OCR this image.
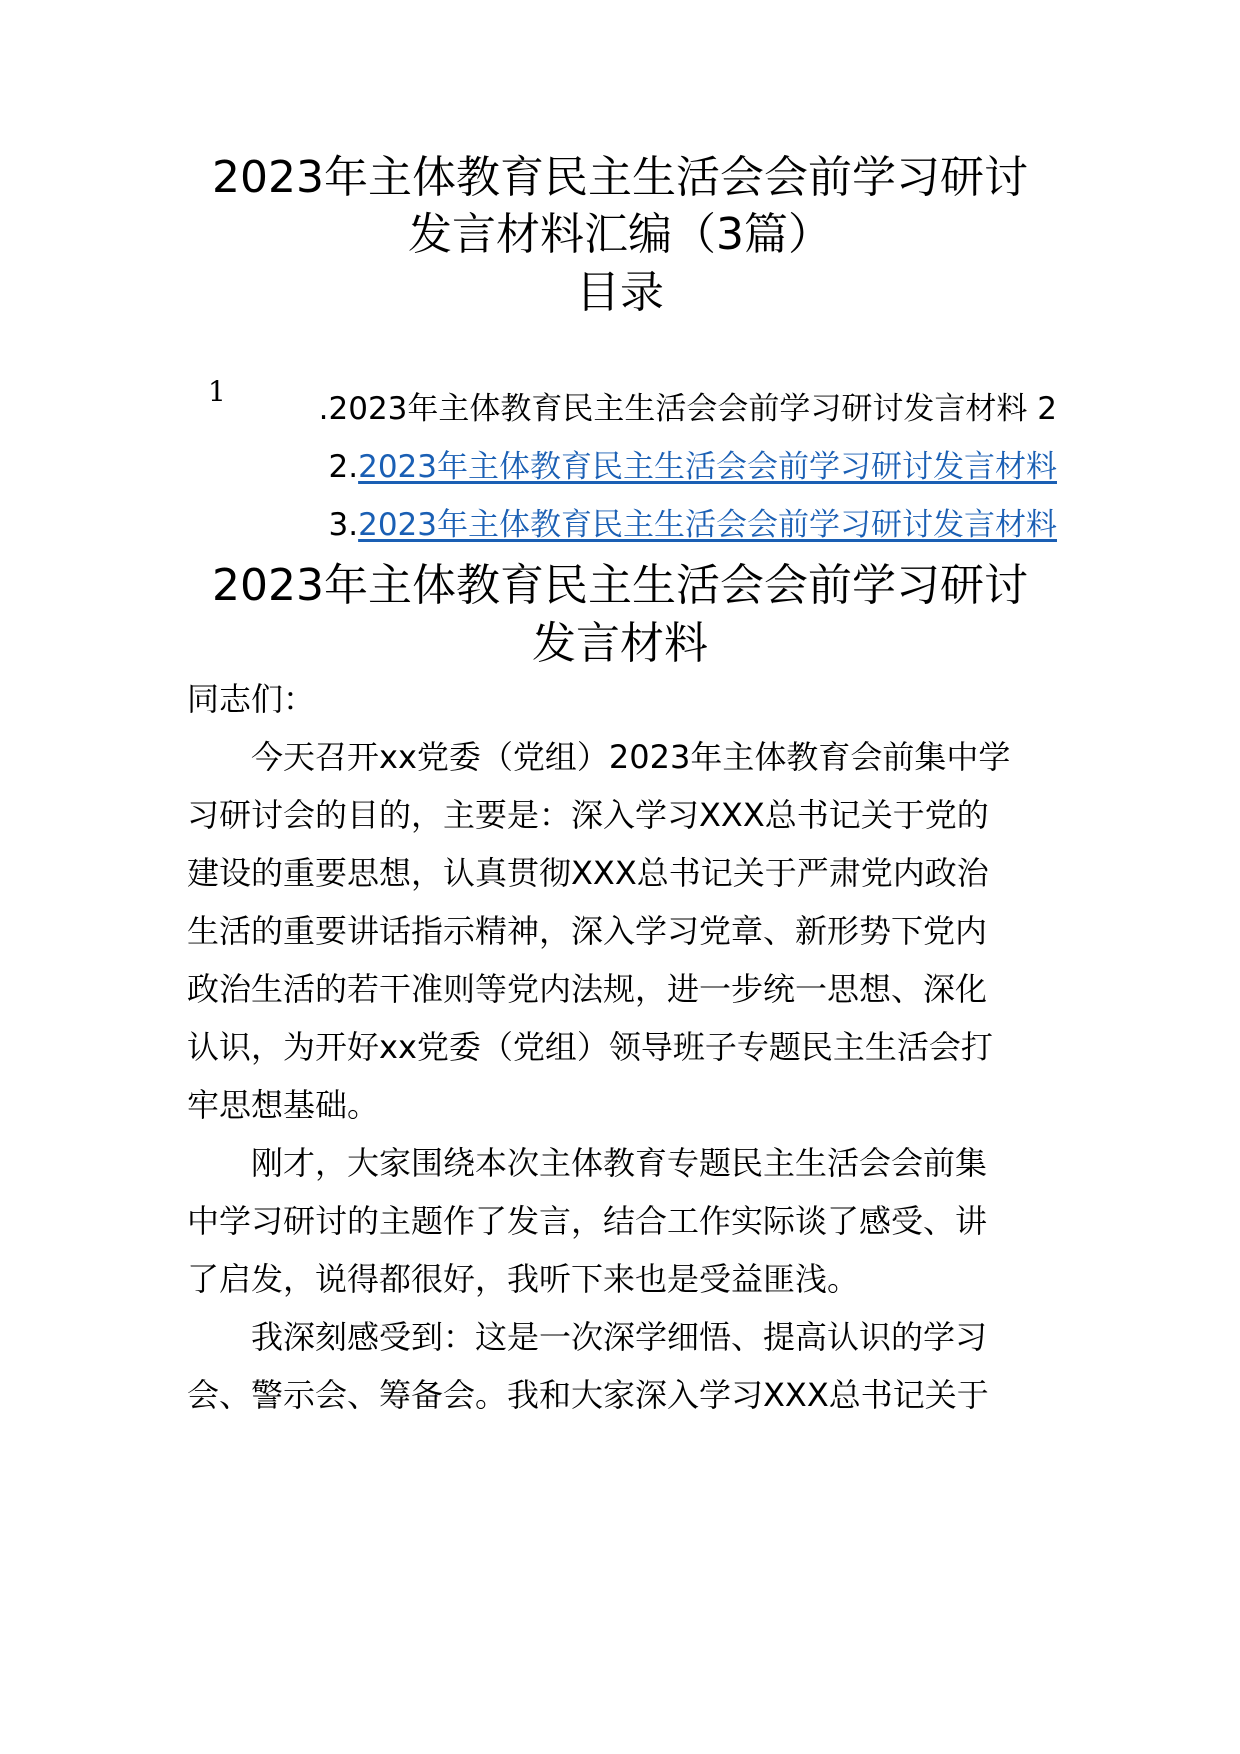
2023年主体教育民主生活会会前学习研讨
发言材料汇编（3篇）
目录
1	.2023年主体教育民主生活会会前学习研讨发言材料 2
2.2023年主体教育民主生活会会前学习研讨发言材料
3.2023年主体教育民主生活会会前学习研讨发言材料
2023年主体教育民主生活会会前学习研讨
发言材料
同志们：
今天召开xx党委（党组）2023年主体教育会前集中学
习研讨会的目的，主要是：深入学习XXX总书记关于党的
建设的重要思想，认真贯彻XXX总书记关于严肃党内政治
生活的重要讲话指示精神，深入学习党章、新形势下党内
政治生活的若干准则等党内法规，进一步统一思想、深化
认识，为开好xx党委（党组）领导班子专题民主生活会打
牢思想基础。
刚才，大家围绕本次主体教育专题民主生活会会前集
中学习研讨的主题作了发言，结合工作实际谈了感受、讲
了启发，说得都很好，我听下来也是受益匪浅。
我深刻感受到：这是一次深学细悟、提高认识的学习
会、警示会、筹备会。我和大家深入学习XXX总书记关于
